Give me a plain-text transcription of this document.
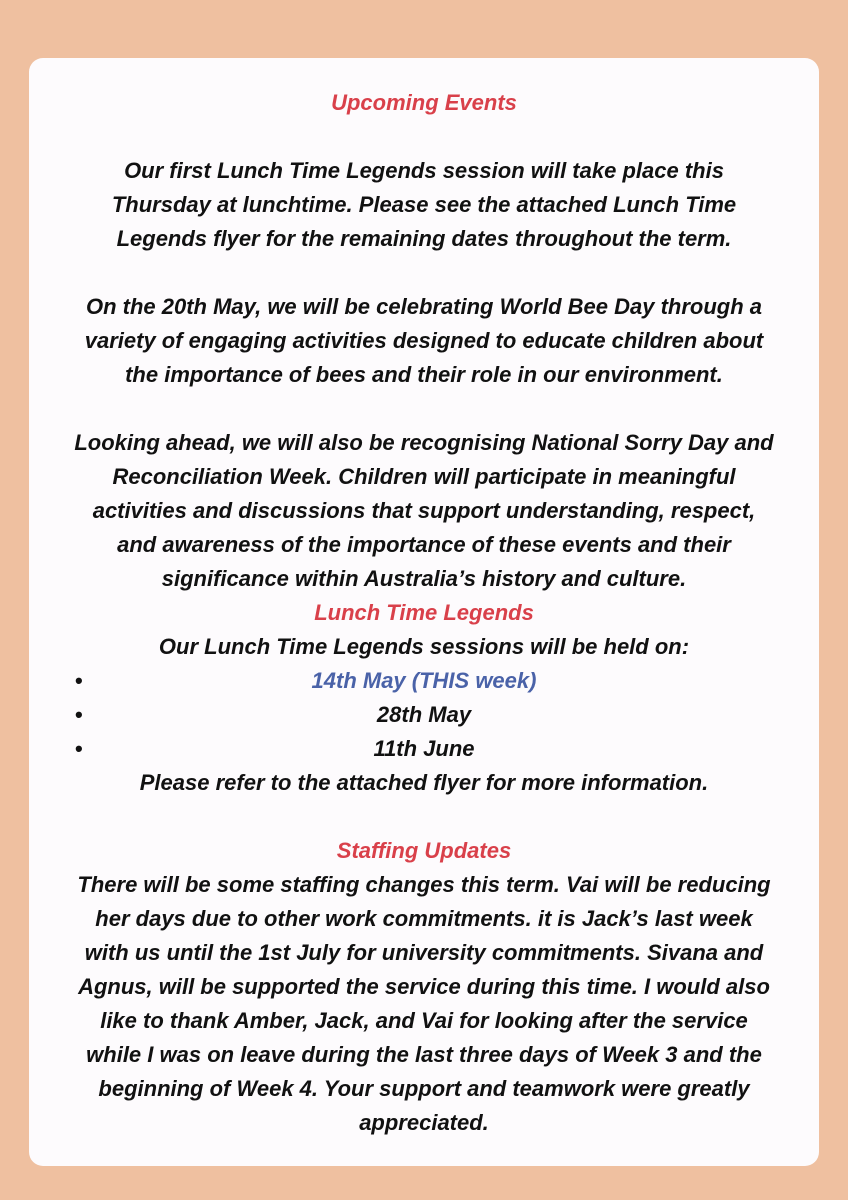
Upcoming Events

Our first Lunch Time Legends session will take place this
Thursday at lunchtime. Please see the attached Lunch Time
Legends flyer for the remaining dates throughout the term.

On the 20th May, we will be celebrating World Bee Day through a
variety of engaging activities designed to educate children about
the importance of bees and their role in our environment.

Looking ahead, we will also be recognising National Sorry Day and
Reconciliation Week. Children will participate in meaningful
activities and discussions that support understanding, respect,
and awareness of the importance of these events and their
significance within Australia’s history and culture.

Lunch Time Legends

Our Lunch Time Legends sessions will be held on:

•	14th May (THIS week)
•	28th May
•	11th June

Please refer to the attached flyer for more information.

Staffing Updates

There will be some staffing changes this term. Vai will be reducing
her days due to other work commitments. it is Jack’s last week
with us until the 1st July for university commitments. Sivana and
Agnus, will be supported the service during this time. I would also
like to thank Amber, Jack, and Vai for looking after the service
while I was on leave during the last three days of Week 3 and the
beginning of Week 4. Your support and teamwork were greatly
appreciated.
